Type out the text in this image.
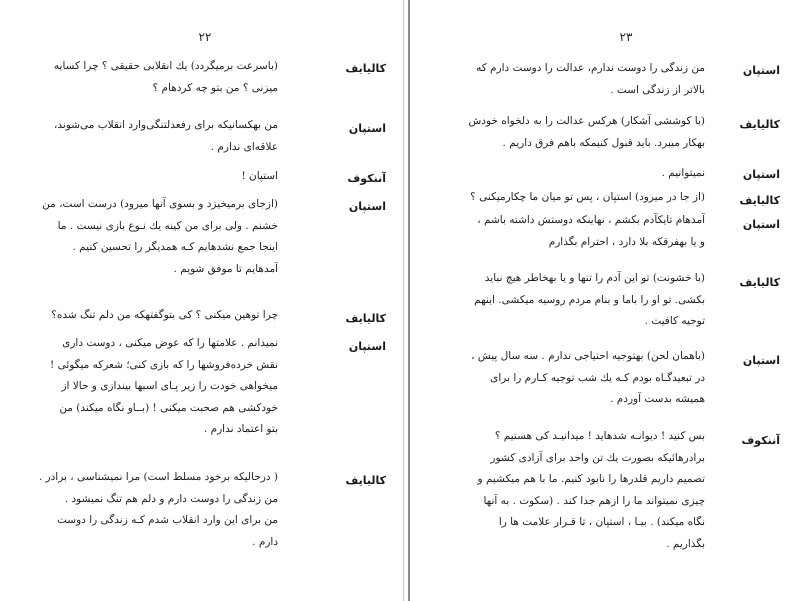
۲۲
کالیایف
(باسرعت برمیگردد) یك انقلابی حقیقی ؟ چرا کسایه
میزنی ؟ من بتو چه کردهام ؟
استپان
من بهکسانیکه برای رفعدلتنگی‌وارد انقلاب می‌شوند،
علاقه‌ای ندارم .
آننکوف
استپان !
استپان
(ازجای برمیخیزد و بسوی آنها میرود) درست است، من
خشنم . ولی برای من کینه یك نـوع بازی نیست . ما
اینجا جمع نشدهایم کـه همدیگر را تحسین کنیم .
آمدهایم تا موفق شویم .
کالیایف
چرا توهین میکنی ؟ کی بتوگفتهکه من دلم تنگ شده؟
استپان
نمیدانم . علامتها را که عوض میکنی ، دوست داری
نقش خرده‌فروشها را که بازی کنی؛ شعرکه میگوئی !
میخواهی خودت را زیر پـای اسبها بیندازی و حالا از
خود‌کشی هم صحبت میکنی ! (بــاو نگاه میکند) من
بتو اعتماد ندارم .
کالیایف
( درحالیکه برخود مسلط است) مرا نمیشناسی ، برادر .
من زندگی را دوست دارم و دلم هم تنگ نمیشود .
من برای این وارد انقلاب شدم کـه زندگی را دوست
دارم .
۲۳
استپان
من زندگی را دوست ندارم، عدالت را دوست دارم که
بالاتر از زندگی است .
کالیایف
(با کوششی آشکار) هرکس عدالت را به دلخواه خودش
بهکار میبرد. باید قبول کنیمکه باهم فرق داریم .
استپان
نمیتوانیم .
کالیایف
(از جا در میرود) استپان ، پس تو میان ما چکارمیکنی ؟
استپان
آمدهام تایكآدم بکشم ، نهاینکه دوستش داشته باشم ،
و یا بهفرقکه بلا دارد ، احترام بگذارم
کالیایف
(با خشونت) تو این آدم را تنها و یا بهخاطر هیچ نباید
بکشی. تو او را باما و بنام مردم روسیه میکشی. اینهم
توجیه کافیت .
استپان
(باهمان لحن) بهتوجیه احتیاجی ندارم . سه سال پیش ،
در تبعیدگـاه بودم کـه یك شب توجیه کـارم را برای
همیشه بدست آوردم .
آننکوف
بس کنید ! دیوانـه شدهاید ! میدانیـد کی هستیم ؟
برادرهائیکه بصورت یك تن واحد برای آزادی کشور
تصمیم داریم قلدرها را نابود کنیم. ما با هم میکشیم و
چیزی نمیتواند ما را ازهم جدا کند . (سکوت . به آنها
نگاه میکند) . بیـا ، استپان ، تا قـرار علامت ها را
بگذاریم .
